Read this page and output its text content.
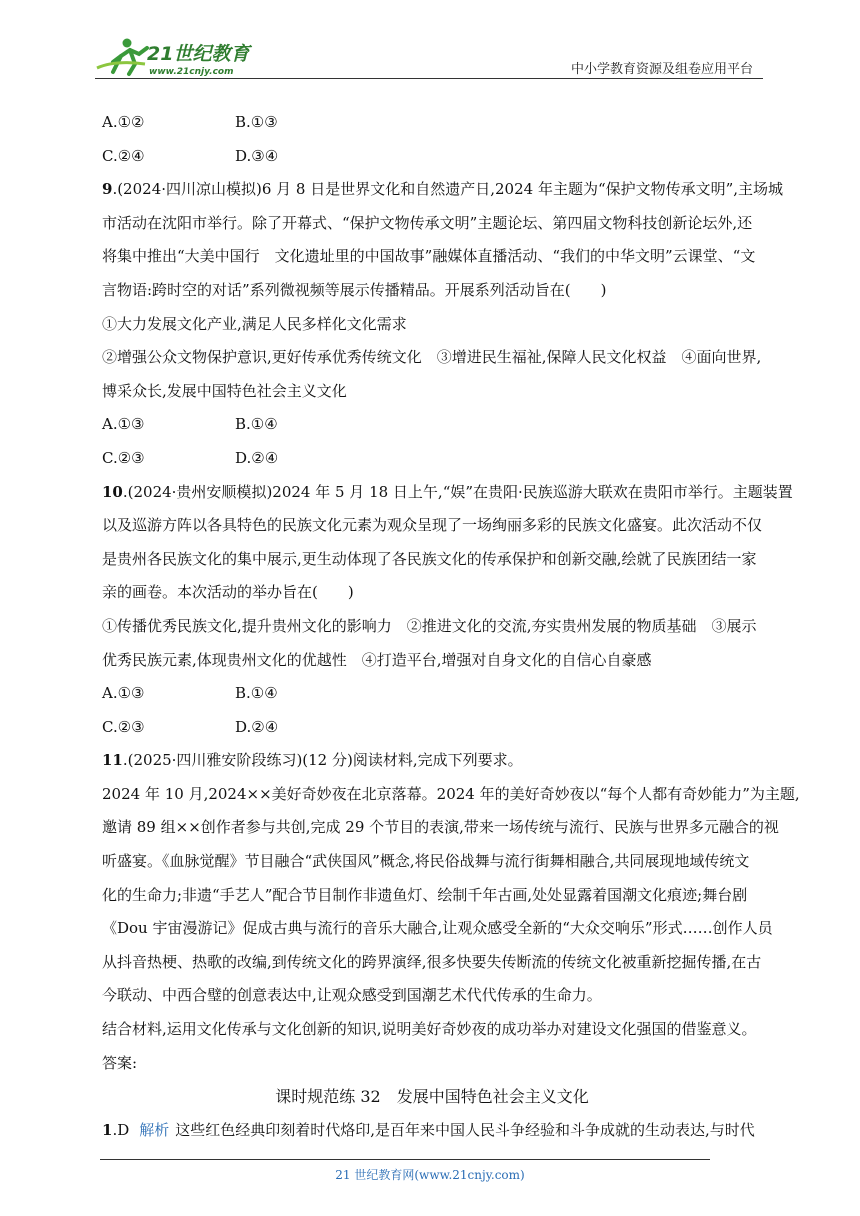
21世纪教育
www.21cnjy.com	中小学教育资源及组卷应用平台
A.①②	B.①③
C.②④	D.③④
9.(2024·四川凉山模拟)6 月 8 日是世界文化和自然遗产日,2024 年主题为“保护文物传承文明”,主场城
市活动在沈阳市举行。除了开幕式、“保护文物传承文明”主题论坛、第四届文物科技创新论坛外,还
将集中推出“大美中国行　文化遗址里的中国故事”融媒体直播活动、“我们的中华文明”云课堂、“文
言物语:跨时空的对话”系列微视频等展示传播精品。开展系列活动旨在(　　)
①大力发展文化产业,满足人民多样化文化需求
②增强公众文物保护意识,更好传承优秀传统文化　③增进民生福祉,保障人民文化权益　④面向世界,
博采众长,发展中国特色社会主义文化
A.①③	B.①④
C.②③	D.②④
10.(2024·贵州安顺模拟)2024 年 5 月 18 日上午,“娱”在贵阳·民族巡游大联欢在贵阳市举行。主题装置
以及巡游方阵以各具特色的民族文化元素为观众呈现了一场绚丽多彩的民族文化盛宴。此次活动不仅
是贵州各民族文化的集中展示,更生动体现了各民族文化的传承保护和创新交融,绘就了民族团结一家
亲的画卷。本次活动的举办旨在(　　)
①传播优秀民族文化,提升贵州文化的影响力　②推进文化的交流,夯实贵州发展的物质基础　③展示
优秀民族元素,体现贵州文化的优越性　④打造平台,增强对自身文化的自信心自豪感
A.①③	B.①④
C.②③	D.②④
11.(2025·四川雅安阶段练习)(12 分)阅读材料,完成下列要求。
2024 年 10 月,2024××美好奇妙夜在北京落幕。2024 年的美好奇妙夜以“每个人都有奇妙能力”为主题,
邀请 89 组××创作者参与共创,完成 29 个节目的表演,带来一场传统与流行、民族与世界多元融合的视
听盛宴。《血脉觉醒》节目融合“武侠国风”概念,将民俗战舞与流行街舞相融合,共同展现地域传统文
化的生命力;非遗“手艺人”配合节目制作非遗鱼灯、绘制千年古画,处处显露着国潮文化痕迹;舞台剧
《Dou 宇宙漫游记》促成古典与流行的音乐大融合,让观众感受全新的“大众交响乐”形式……创作人员
从抖音热梗、热歌的改编,到传统文化的跨界演绎,很多快要失传断流的传统文化被重新挖掘传播,在古
今联动、中西合璧的创意表达中,让观众感受到国潮艺术代代传承的生命力。
结合材料,运用文化传承与文化创新的知识,说明美好奇妙夜的成功举办对建设文化强国的借鉴意义。
答案:
课时规范练 32　发展中国特色社会主义文化
1.D 解析 这些红色经典印刻着时代烙印,是百年来中国人民斗争经验和斗争成就的生动表达,与时代
21 世纪教育网(www.21cnjy.com)
